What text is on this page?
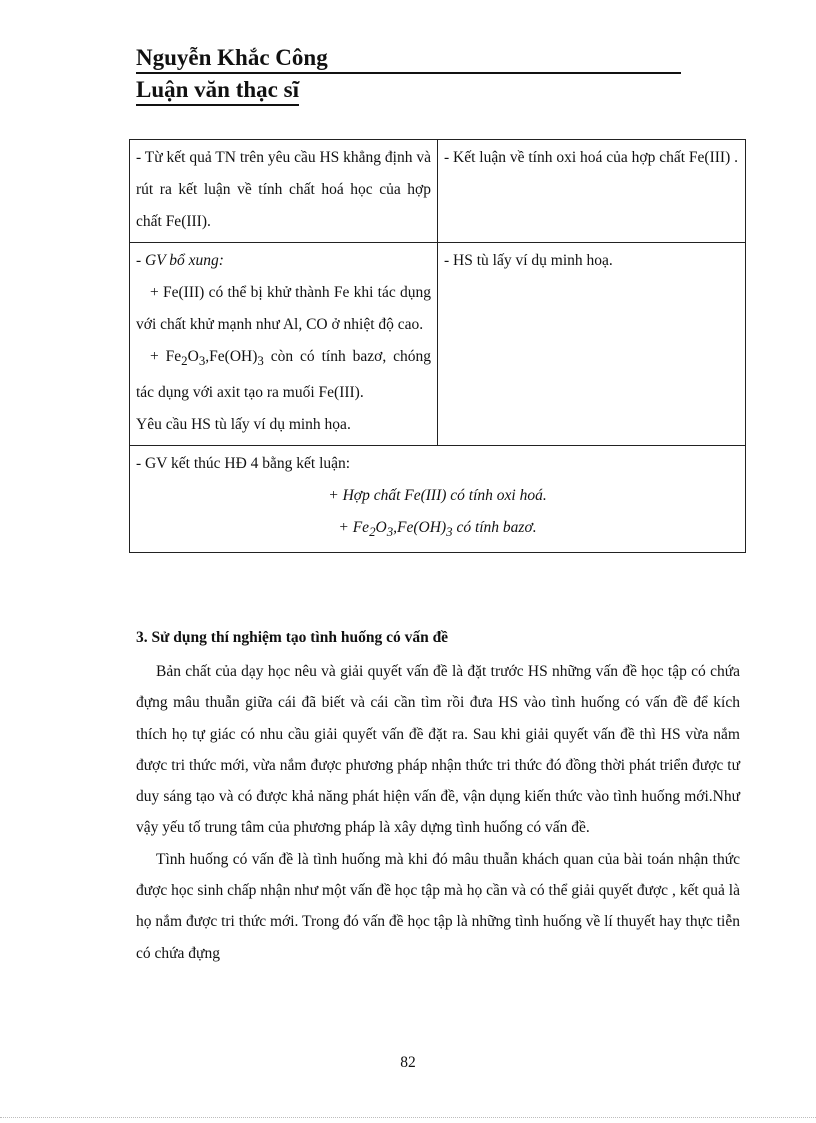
Nguyễn Khắc Công
Luận văn thạc sĩ
- Từ kết quả TN trên yêu cầu HS khẳng định và rút ra kết luận về tính chất hoá học của hợp chất Fe(III).	- Kết luận về tính oxi hoá của hợp chất Fe(III) .

- GV bổ xung:
+ Fe(III) có thể bị khử thành Fe khi tác dụng với chất khử mạnh như Al, CO ở nhiệt độ cao.
+ $Fe_2O_3,Fe(OH)_3$ còn có tính bazơ, chóng tác dụng với axit tạo ra muối Fe(III).
Yêu cầu HS tù lấy ví dụ minh họa.	- HS tù lấy ví dụ minh hoạ.

- GV kết thúc HĐ 4 bằng kết luận:
+ Hợp chất Fe(III) có tính oxi hoá.
+ $Fe_2O_3,Fe(OH)_3$ có tính bazơ.	
3. Sử dụng thí nghiệm tạo tình huống có vấn đề

Bản chất của dạy học nêu và giải quyết vấn đề là đặt trước HS những vấn đề học tập có chứa đựng mâu thuẫn giữa cái đã biết và cái cần tìm rồi đưa HS vào tình huống có vấn đề để kích thích họ tự giác có nhu cầu giải quyết vấn đề đặt ra. Sau khi giải quyết vấn đề thì HS vừa nắm được tri thức mới, vừa nắm được phương pháp nhận thức tri thức đó đồng thời phát triển được tư duy sáng tạo và có được khả năng phát hiện vấn đề, vận dụng kiến thức vào tình huống mới.Như vậy yếu tố trung tâm của phương pháp là xây dựng tình huống có vấn đề.

Tình huống có vấn đề là tình huống mà khi đó mâu thuẫn khách quan của bài toán nhận thức được học sinh chấp nhận như một vấn đề học tập mà họ cần và có thể giải quyết được , kết quả là họ nắm được tri thức mới. Trong đó vấn đề học tập là những tình huống về lí thuyết hay thực tiễn có chứa đựng

82
